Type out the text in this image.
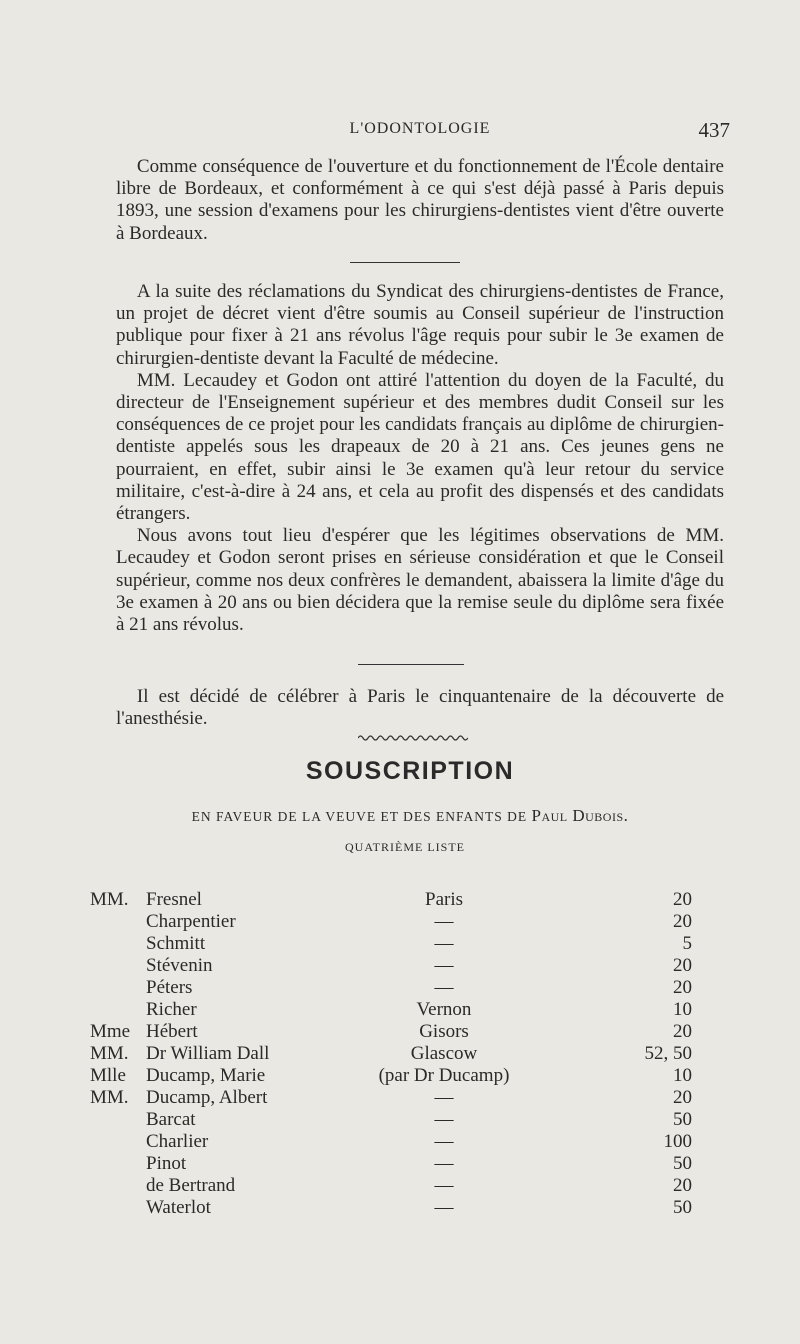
L'ODONTOLOGIE	437

Comme conséquence de l'ouverture et du fonctionnement de l'École dentaire libre de Bordeaux, et conformément à ce qui s'est déjà passé à Paris depuis 1893, une session d'examens pour les chirurgiens-dentistes vient d'être ouverte à Bordeaux.

A la suite des réclamations du Syndicat des chirurgiens-dentistes de France, un projet de décret vient d'être soumis au Conseil supérieur de l'instruction publique pour fixer à 21 ans révolus l'âge requis pour subir le 3e examen de chirurgien-dentiste devant la Faculté de médecine.

MM. Lecaudey et Godon ont attiré l'attention du doyen de la Faculté, du directeur de l'Enseignement supérieur et des membres dudit Conseil sur les conséquences de ce projet pour les candidats français au diplôme de chirurgien-dentiste appelés sous les drapeaux de 20 à 21 ans. Ces jeunes gens ne pourraient, en effet, subir ainsi le 3e examen qu'à leur retour du service militaire, c'est-à-dire à 24 ans, et cela au profit des dispensés et des candidats étrangers.

Nous avons tout lieu d'espérer que les légitimes observations de MM. Lecaudey et Godon seront prises en sérieuse considération et que le Conseil supérieur, comme nos deux confrères le demandent, abaissera la limite d'âge du 3e examen à 20 ans ou bien décidera que la remise seule du diplôme sera fixée à 21 ans révolus.

Il est décidé de célébrer à Paris le cinquantenaire de la découverte de l'anesthésie.

SOUSCRIPTION
EN FAVEUR DE LA VEUVE ET DES ENFANTS DE Paul Dubois.
QUATRIÈME LISTE
MM. Fresnel	Paris	20
Charpentier	—	20
Schmitt	—	5
Stévenin	—	20
Péters	—	20
Richer	Vernon	10
Mme Hébert	Gisors	20
MM. Dr William Dall	Glascow	52, 50
Mlle Ducamp, Marie	(par Dr Ducamp)	10
MM. Ducamp, Albert	—	20
Barcat	—	50
Charlier	—	100
Pinot	—	50
de Bertrand	—	20
Waterlot	—	50
